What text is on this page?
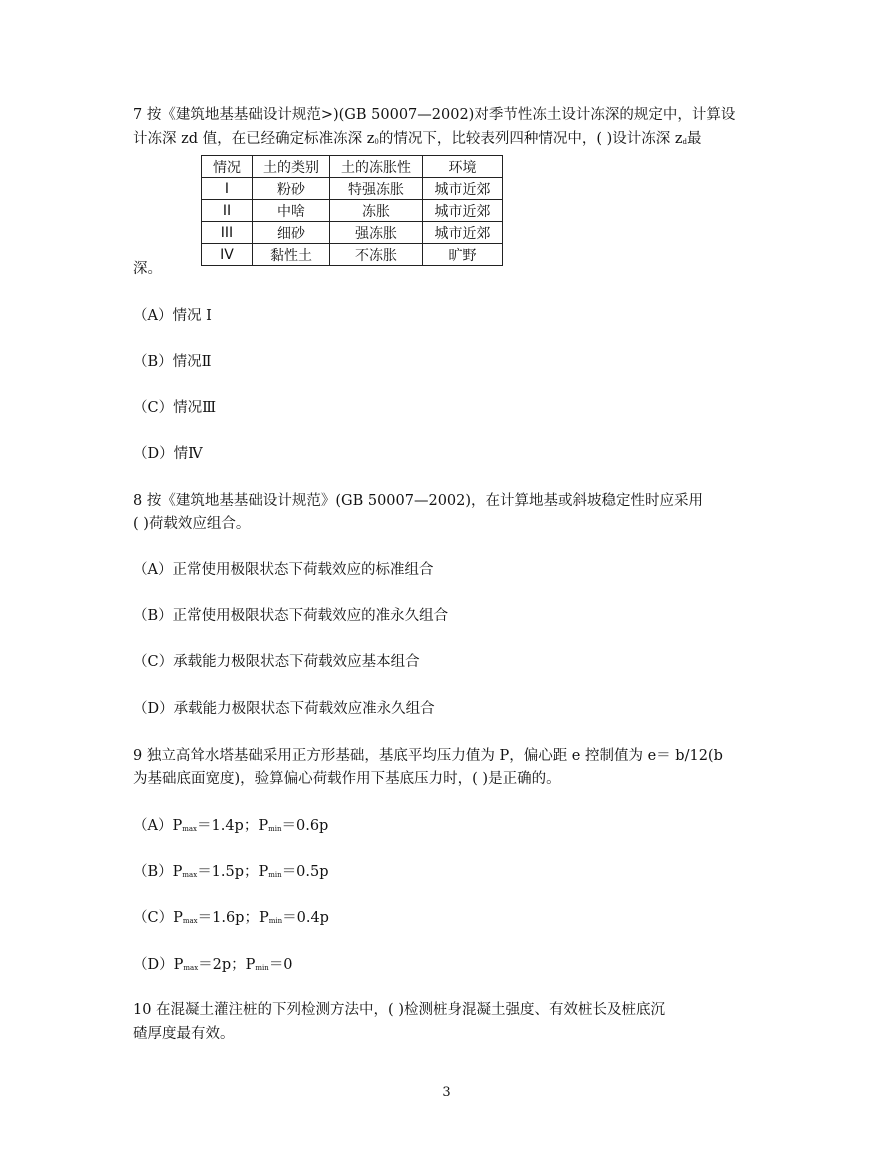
7 按《建筑地基基础设计规范>)(GB 50007—2002)对季节性冻土设计冻深的规定中，计算设
计冻深 zd 值，在已经确定标准冻深 $z_0$的情况下，比较表列四种情况中，( )设计冻深 $z_d$最
情况	土的类别	土的冻胀性	环境
I	粉砂	特强冻胀	城市近郊
II	中啥	冻胀	城市近郊
III	细砂	强冻胀	城市近郊
IV	黏性土	不冻胀	旷野
深。
（A）情况 I
（B）情况Ⅱ
（C）情况Ⅲ
（D）情Ⅳ
8 按《建筑地基基础设计规范》(GB 50007—2002)，在计算地基或斜坡稳定性时应采用
( )荷载效应组合。
（A）正常使用极限状态下荷载效应的标准组合
（B）正常使用极限状态下荷载效应的准永久组合
（C）承载能力极限状态下荷载效应基本组合
（D）承载能力极限状态下荷载效应准永久组合
9 独立高耸水塔基础采用正方形基础，基底平均压力值为 P，偏心距 e 控制值为 e＝ b/12(b
为基础底面宽度)，验算偏心荷载作用下基底压力时，( )是正确的。
$(A)P_{max}=1.4p$；$P_{min}=0.6p$
$(B)P_{max}=1.5p$；$P_{min}=0.5p$
$(C)P_{max}=1.6p$；$P_{min}=0.4p$
$(D)P_{max}=2p$；$P_{min}=0$
10 在混凝土灌注桩的下列检测方法中，( )检测桩身混凝土强度、有效桩长及桩底沉
碴厚度最有效。
3
